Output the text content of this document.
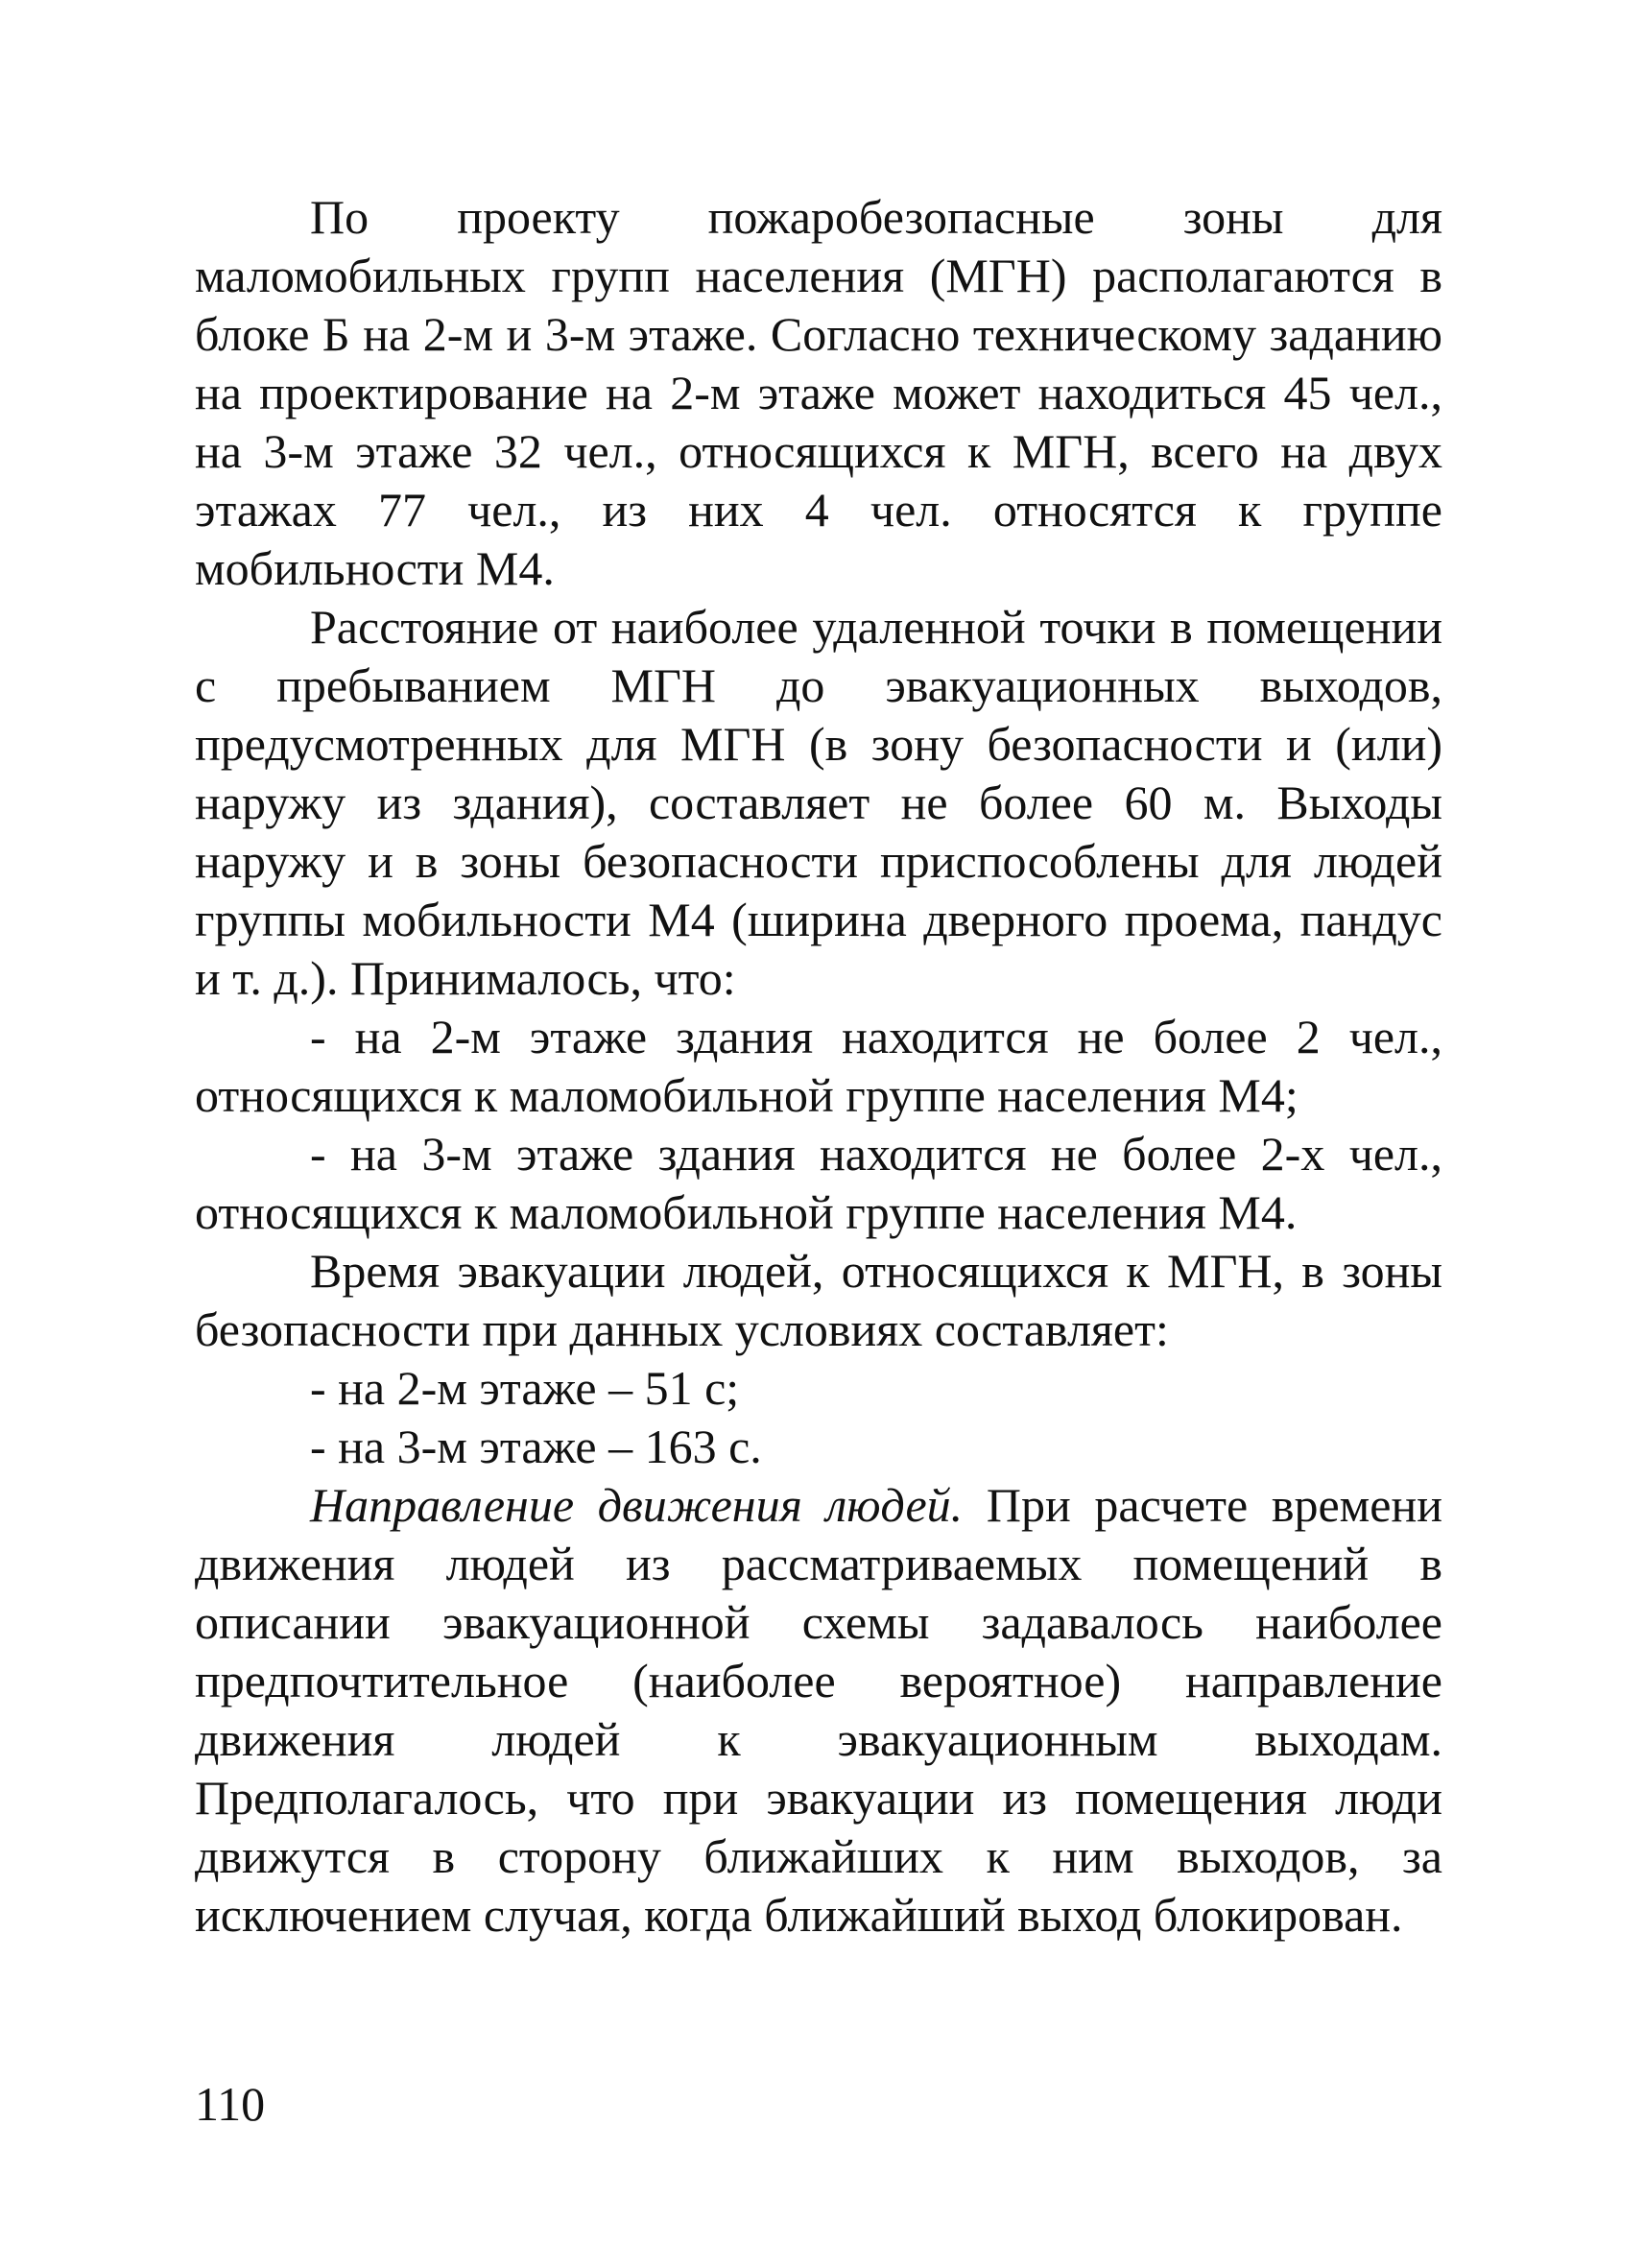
По проекту пожаробезопасные зоны для маломобильных групп населения (МГН) располагаются в блоке Б на 2-м и 3-м этаже. Согласно техническому заданию на проектирование на 2-м этаже может находиться 45 чел., на 3-м этаже 32 чел., относящихся к МГН, всего на двух этажах 77 чел., из них 4 чел. относятся к группе мобильности М4.

Расстояние от наиболее удаленной точки в помещении с пребыванием МГН до эвакуационных выходов, предусмотренных для МГН (в зону безопасности и (или) наружу из здания), составляет не более 60 м. Выходы наружу и в зоны безопасности приспособлены для людей группы мобильности М4 (ширина дверного проема, пандус и т. д.). Принималось, что:

- на 2-м этаже здания находится не более 2 чел., относящихся к маломобильной группе населения М4;

- на 3-м этаже здания находится не более 2-х чел., относящихся к маломобильной группе населения М4.

Время эвакуации людей, относящихся к МГН, в зоны безопасности при данных условиях составляет:

- на 2-м этаже – 51 с;

- на 3-м этаже – 163 с.

Направление движения людей. При расчете времени движения людей из рассматриваемых помещений в описании эвакуационной схемы задавалось наиболее предпочтительное (наиболее вероятное) направление движения людей к эвакуационным выходам. Предполагалось, что при эвакуации из помещения люди движутся в сторону ближайших к ним выходов, за исключением случая, когда ближайший выход блокирован.

110
